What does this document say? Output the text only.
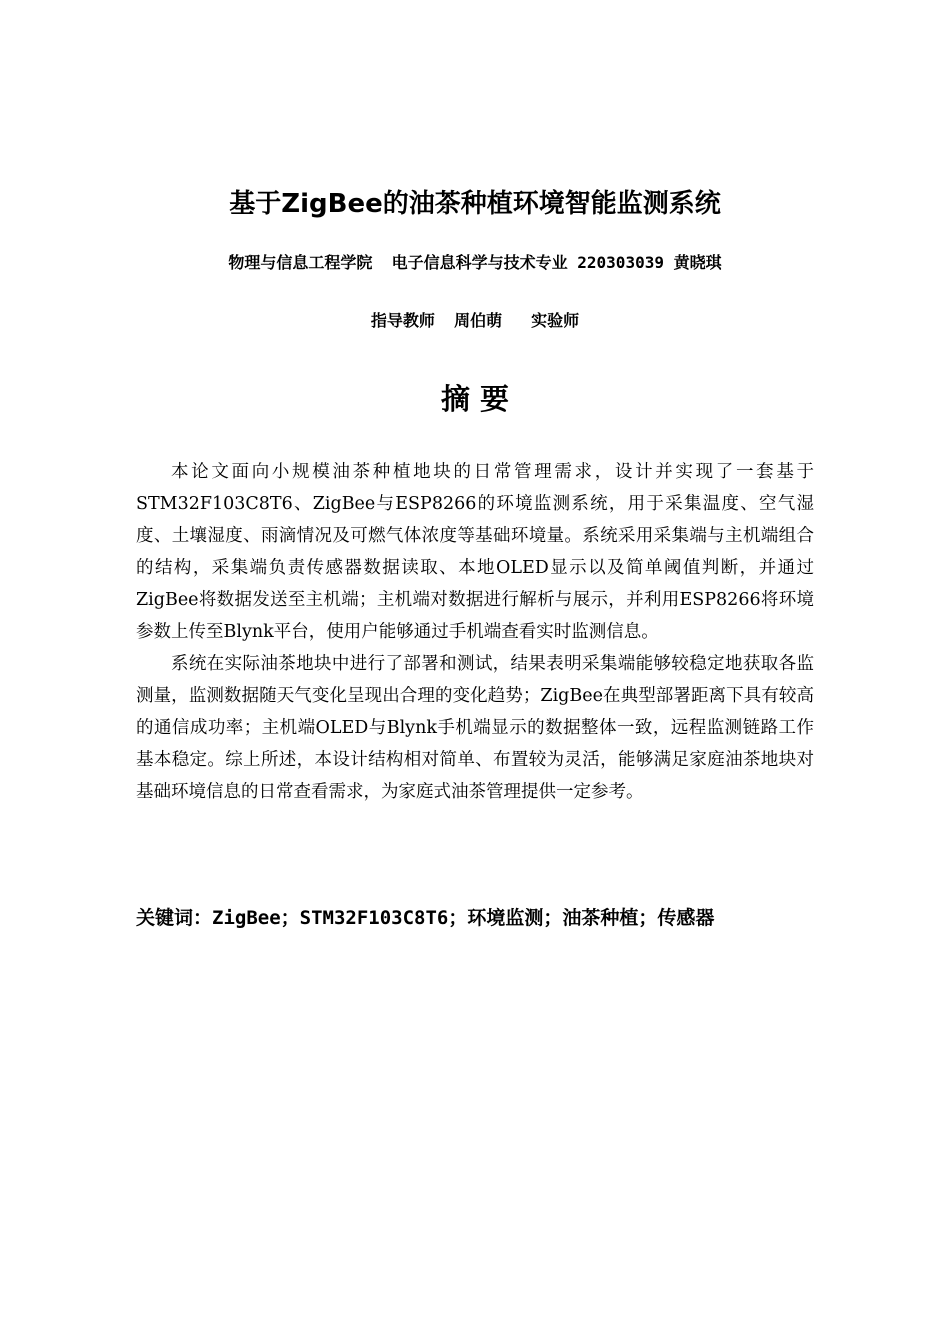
基于ZigBee的油茶种植环境智能监测系统
物理与信息工程学院  电子信息科学与技术专业 220303039 黄晓琪
指导教师  周伯萌   实验师
摘要

本论文面向小规模油茶种植地块的日常管理需求，设计并实现了一套基于STM32F103C8T6、ZigBee与ESP8266的环境监测系统，用于采集温度、空气湿度、土壤湿度、雨滴情况及可燃气体浓度等基础环境量。系统采用采集端与主机端组合的结构，采集端负责传感器数据读取、本地OLED显示以及简单阈值判断，并通过ZigBee将数据发送至主机端；主机端对数据进行解析与展示，并利用ESP8266将环境参数上传至Blynk平台，使用户能够通过手机端查看实时监测信息。

系统在实际油茶地块中进行了部署和测试，结果表明采集端能够较稳定地获取各监测量，监测数据随天气变化呈现出合理的变化趋势；ZigBee在典型部署距离下具有较高的通信成功率；主机端OLED与Blynk手机端显示的数据整体一致，远程监测链路工作基本稳定。综上所述，本设计结构相对简单、布置较为灵活，能够满足家庭油茶地块对基础环境信息的日常查看需求，为家庭式油茶管理提供一定参考。

关键词：ZigBee；STM32F103C8T6；环境监测；油茶种植；传感器
